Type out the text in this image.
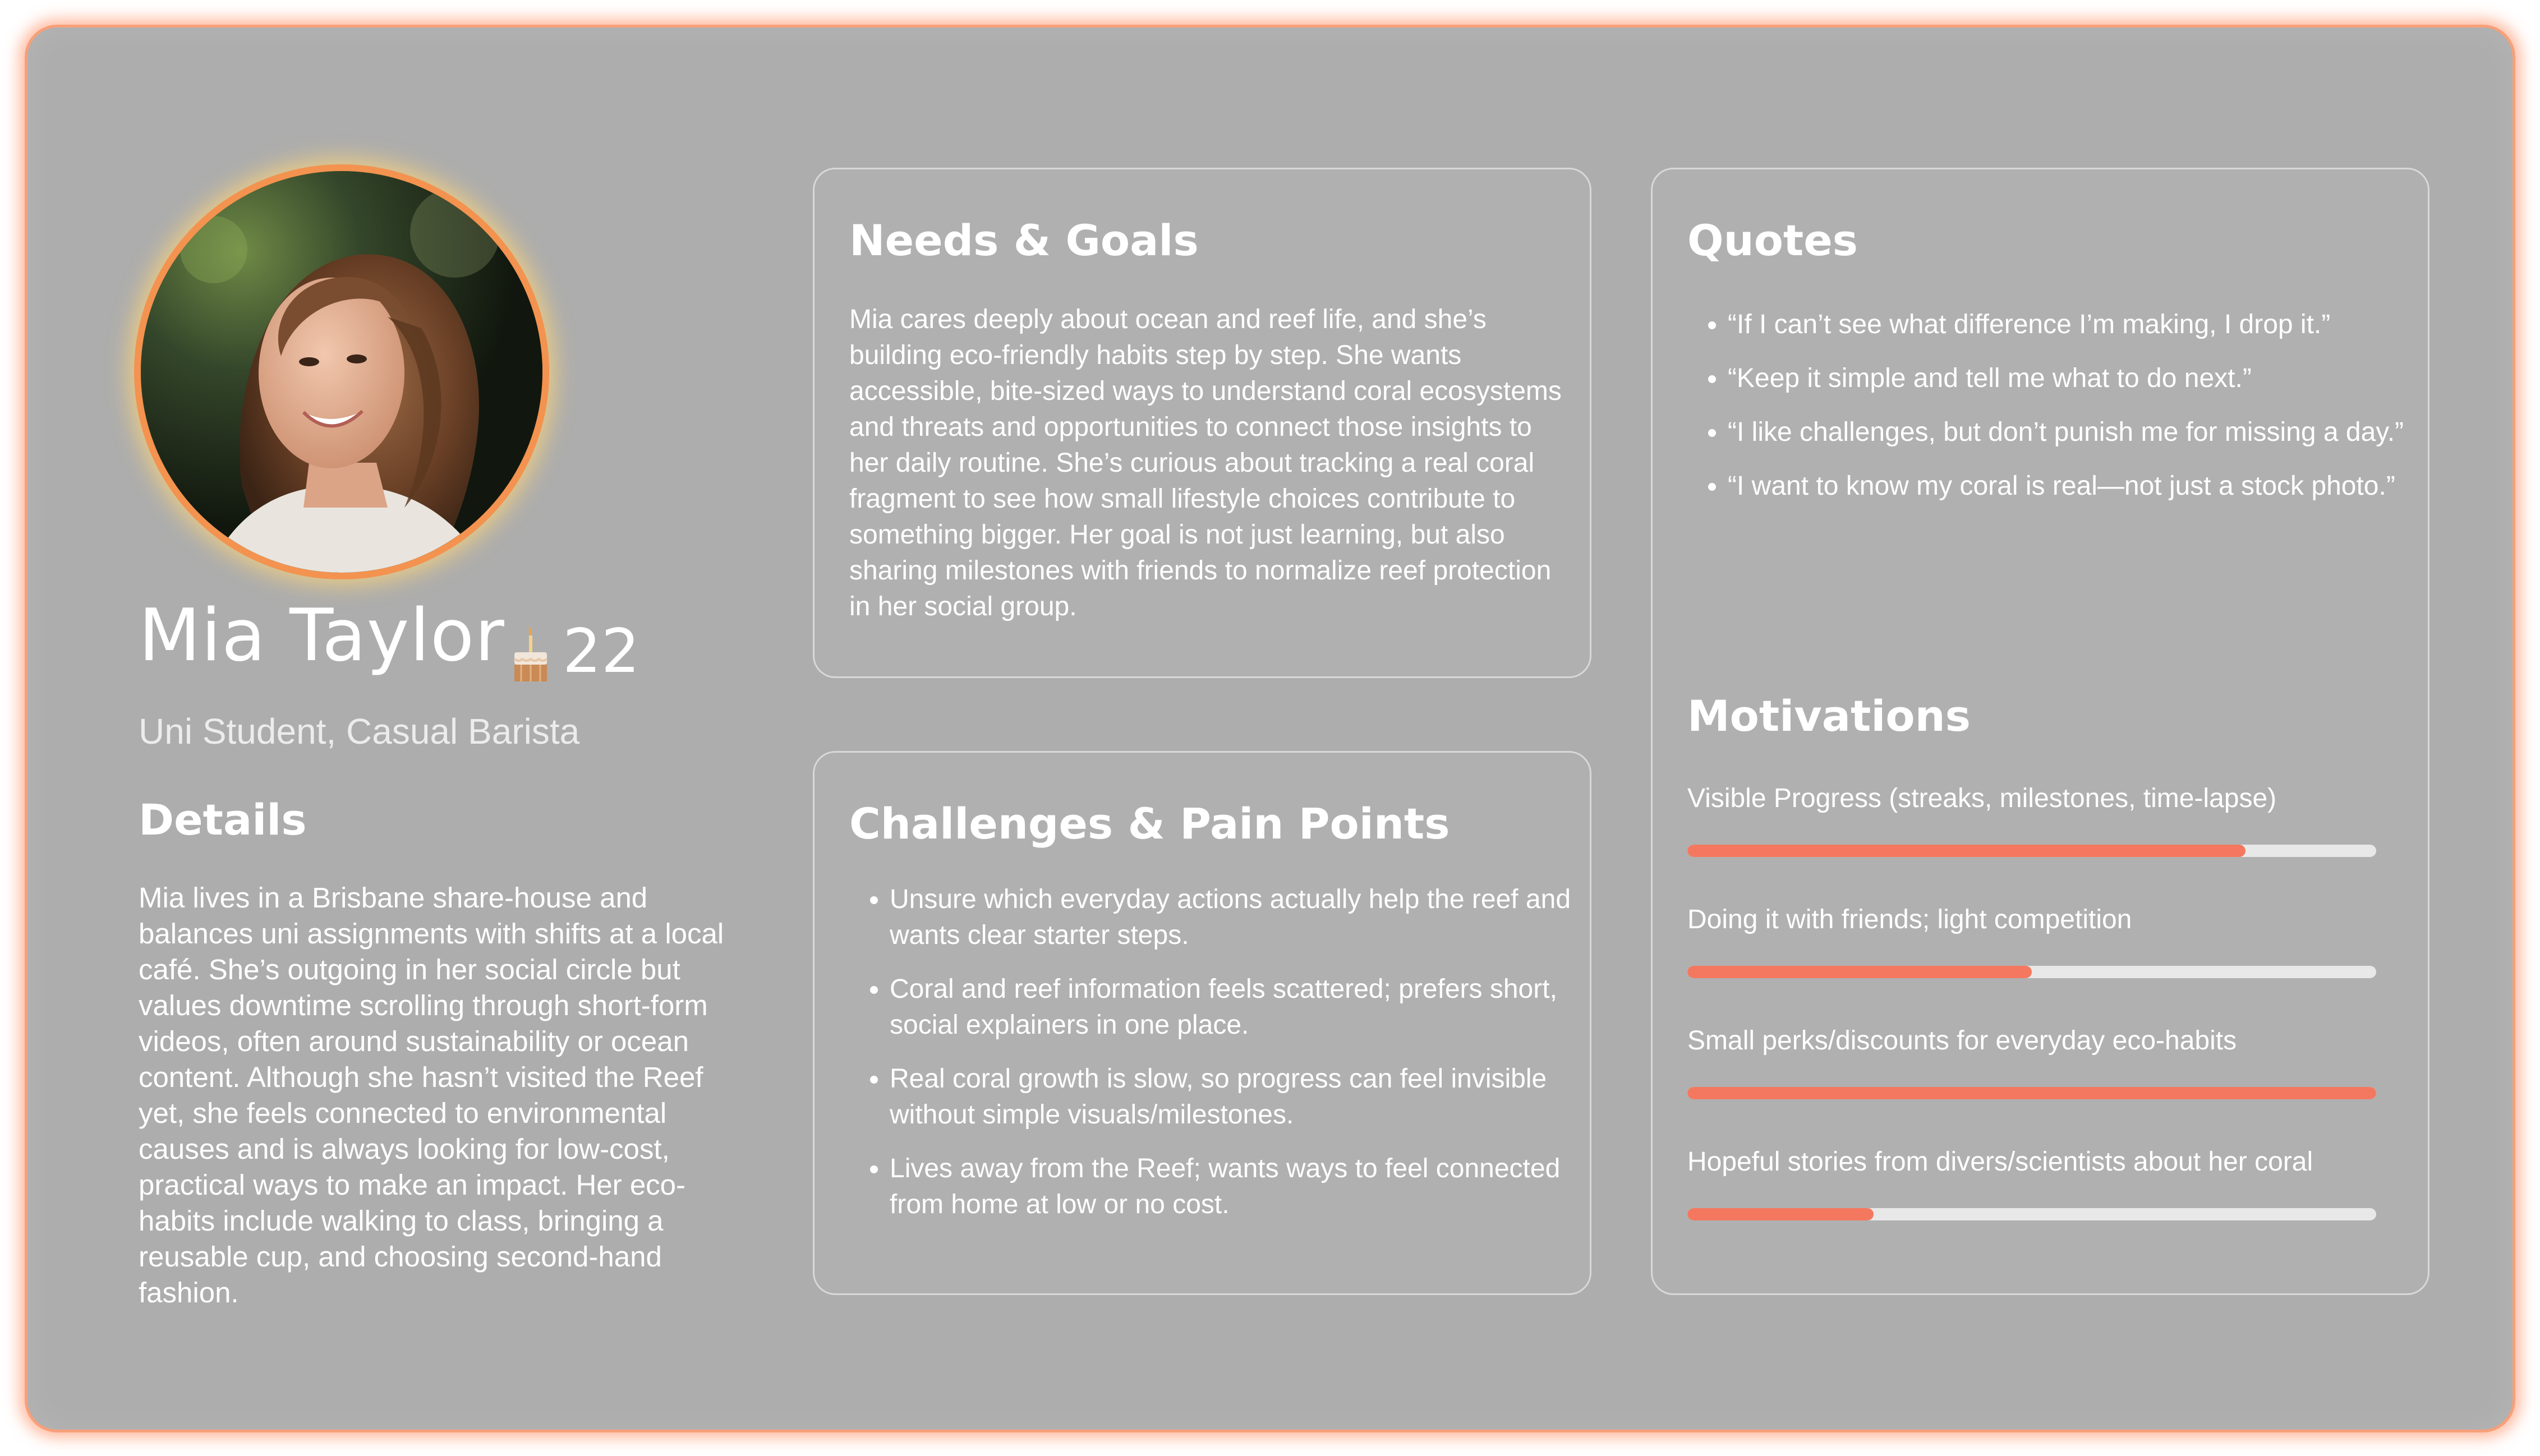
Mia Taylor 22
Uni Student, Casual Barista
Details

Mia lives in a Brisbane share-house and balances uni assignments with shifts at a local café. She’s outgoing in her social circle but values downtime scrolling through short-form videos, often around sustainability or ocean content. Although she hasn’t visited the Reef yet, she feels connected to environmental causes and is always looking for low-cost, practical ways to make an impact. Her eco-habits include walking to class, bringing a reusable cup, and choosing second-hand fashion.

Needs & Goals

Mia cares deeply about ocean and reef life, and she’s building eco-friendly habits step by step. She wants accessible, bite-sized ways to understand coral ecosystems and threats and opportunities to connect those insights to her daily routine. She’s curious about tracking a real coral fragment to see how small lifestyle choices contribute to something bigger. Her goal is not just learning, but also sharing milestones with friends to normalize reef protection in her social group.

Challenges & Pain Points
• Unsure which everyday actions actually help the reef and wants clear starter steps.
• Coral and reef information feels scattered; prefers short, social explainers in one place.
• Real coral growth is slow, so progress can feel invisible without simple visuals/milestones.
• Lives away from the Reef; wants ways to feel connected from home at low or no cost.
Quotes
• “If I can’t see what difference I’m making, I drop it.”
• “Keep it simple and tell me what to do next.”
• “I like challenges, but don’t punish me for missing a day.”
• “I want to know my coral is real—not just a stock photo.”
Motivations

Visible Progress (streaks, milestones, time-lapse)

Doing it with friends; light competition

Small perks/discounts for everyday eco-habits

Hopeful stories from divers/scientists about her coral
